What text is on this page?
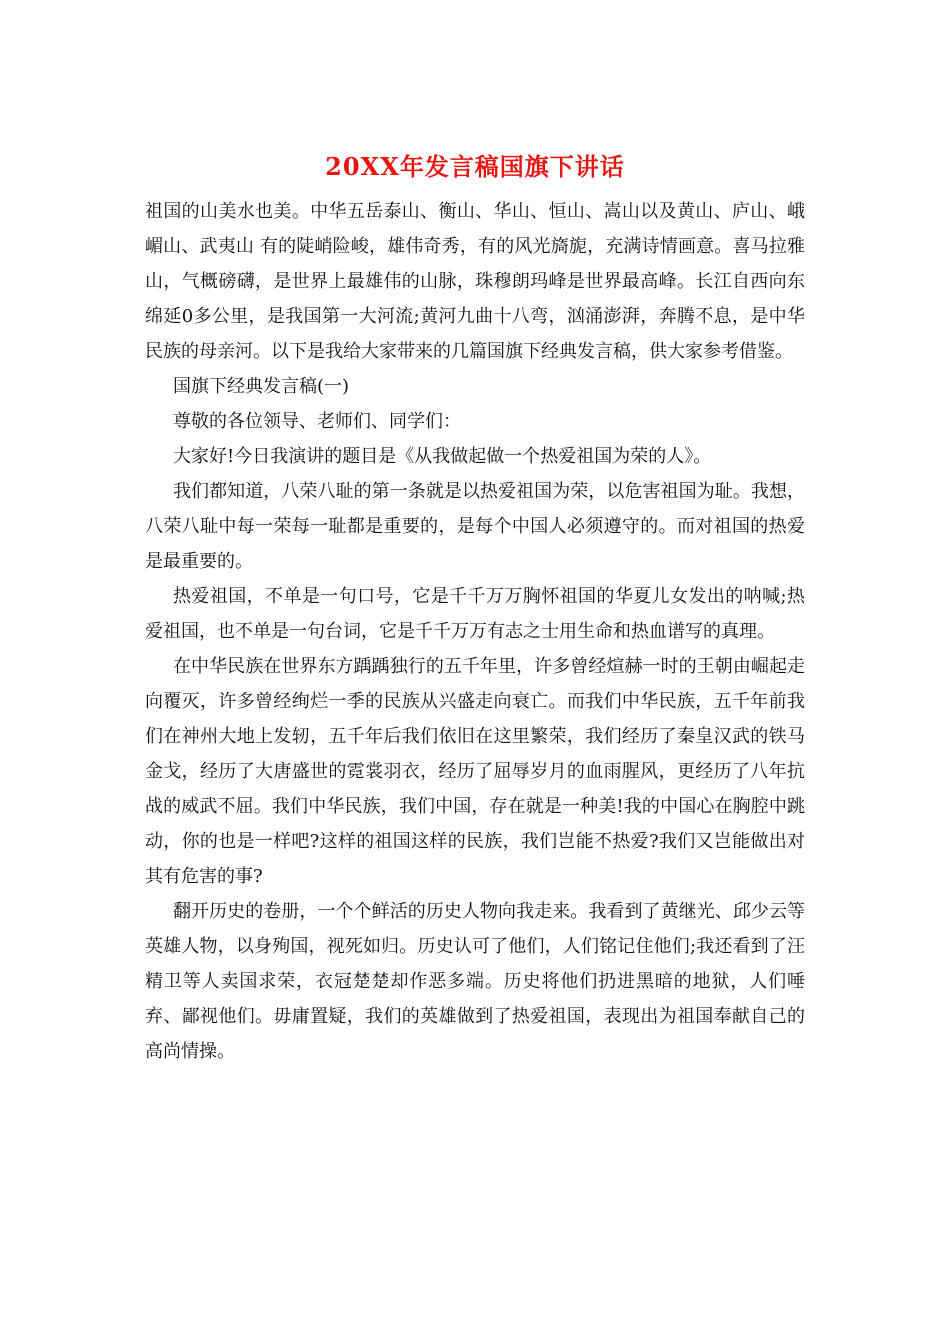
20XX年发言稿国旗下讲话

祖国的山美水也美。中华五岳泰山、衡山、华山、恒山、嵩山以及黄山、庐山、峨嵋山、武夷山 有的陡峭险峻，雄伟奇秀，有的风光旖旎，充满诗情画意。喜马拉雅山，气概磅礴，是世界上最雄伟的山脉，珠穆朗玛峰是世界最高峰。长江自西向东绵延0多公里，是我国第一大河流;黄河九曲十八弯，汹涌澎湃，奔腾不息，是中华民族的母亲河。以下是我给大家带来的几篇国旗下经典发言稿，供大家参考借鉴。

国旗下经典发言稿(一)

尊敬的各位领导、老师们、同学们：

大家好!今日我演讲的题目是《从我做起做一个热爱祖国为荣的人》。

我们都知道，八荣八耻的第一条就是以热爱祖国为荣，以危害祖国为耻。我想，八荣八耻中每一荣每一耻都是重要的，是每个中国人必须遵守的。而对祖国的热爱是最重要的。

热爱祖国，不单是一句口号，它是千千万万胸怀祖国的华夏儿女发出的呐喊;热爱祖国，也不单是一句台词，它是千千万万有志之士用生命和热血谱写的真理。

在中华民族在世界东方踽踽独行的五千年里，许多曾经煊赫一时的王朝由崛起走向覆灭，许多曾经绚烂一季的民族从兴盛走向衰亡。而我们中华民族，五千年前我们在神州大地上发轫，五千年后我们依旧在这里繁荣，我们经历了秦皇汉武的铁马金戈，经历了大唐盛世的霓裳羽衣，经历了屈辱岁月的血雨腥风，更经历了八年抗战的威武不屈。我们中华民族，我们中国，存在就是一种美!我的中国心在胸腔中跳动，你的也是一样吧?这样的祖国这样的民族，我们岂能不热爱?我们又岂能做出对其有危害的事?

翻开历史的卷册，一个个鲜活的历史人物向我走来。我看到了黄继光、邱少云等英雄人物，以身殉国，视死如归。历史认可了他们，人们铭记住他们;我还看到了汪精卫等人卖国求荣，衣冠楚楚却作恶多端。历史将他们扔进黑暗的地狱，人们唾弃、鄙视他们。毋庸置疑，我们的英雄做到了热爱祖国，表现出为祖国奉献自己的高尚情操。
